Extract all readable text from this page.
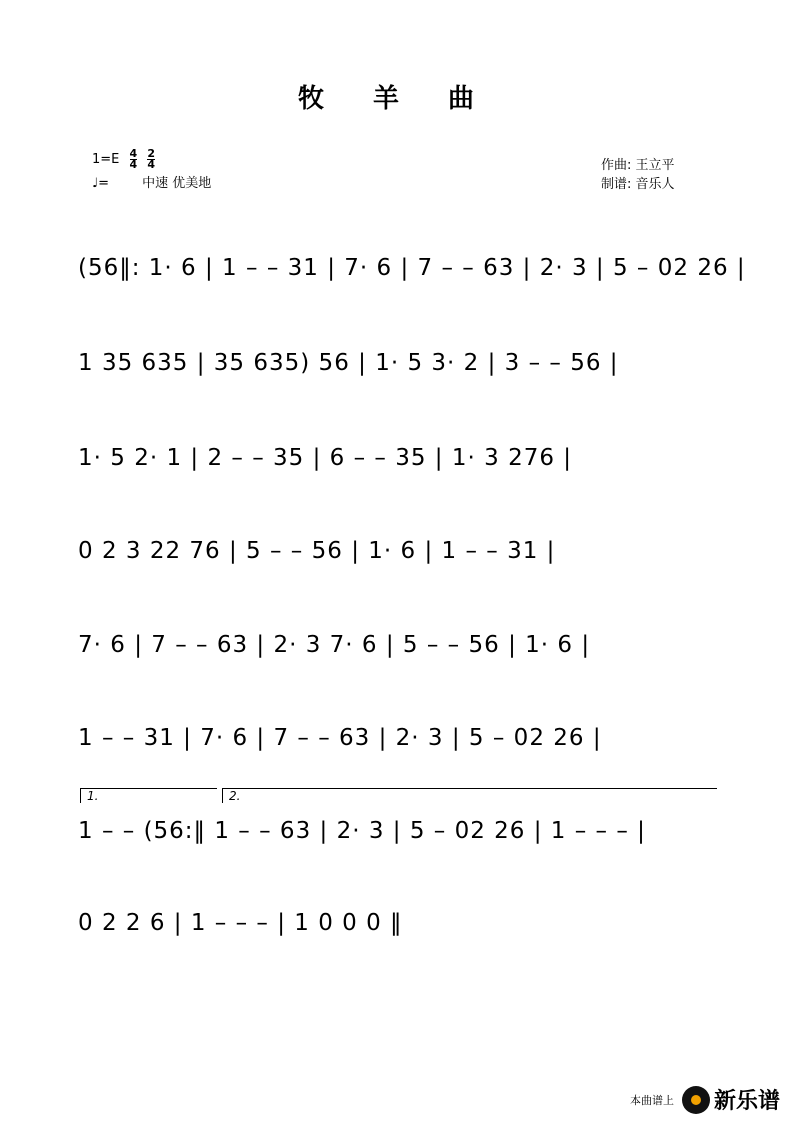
牧 羊 曲
$1=E \frac{4}{4}$
$\frac{2}{4}$
♩=	中速 优美地
作曲: 王立平
制谱: 音乐人
(56‖: 1· 6 | 1 – – 31 | 7· 6 | 7 – – 63 | 2· 3 | 5 – 02 26 |
1 35 635 | 35 635) 56 | 1· 5 3· 2 | 3 – – 56 |
1· 5 2· 1 | 2 – – 35 | 6 – – 35 | 1· 3 276 |
0 2 3 22 76 | 5 – – 56 | 1· 6 | 1 – – 31 |
7· 6 | 7 – – 63 | 2· 3 7· 6 | 5 – – 56 | 1· 6 |
1 – – 31 | 7· 6 | 7 – – 63 | 2· 3 | 5 – 02 26 |
1 – – (56:‖ 1 – – 63 | 2· 3 | 5 – 02 26 | 1 – – – |
0 2 2 6 | 1 – – – | 1 0 0 0 ‖
1.	2.
本曲谱上 新乐谱
